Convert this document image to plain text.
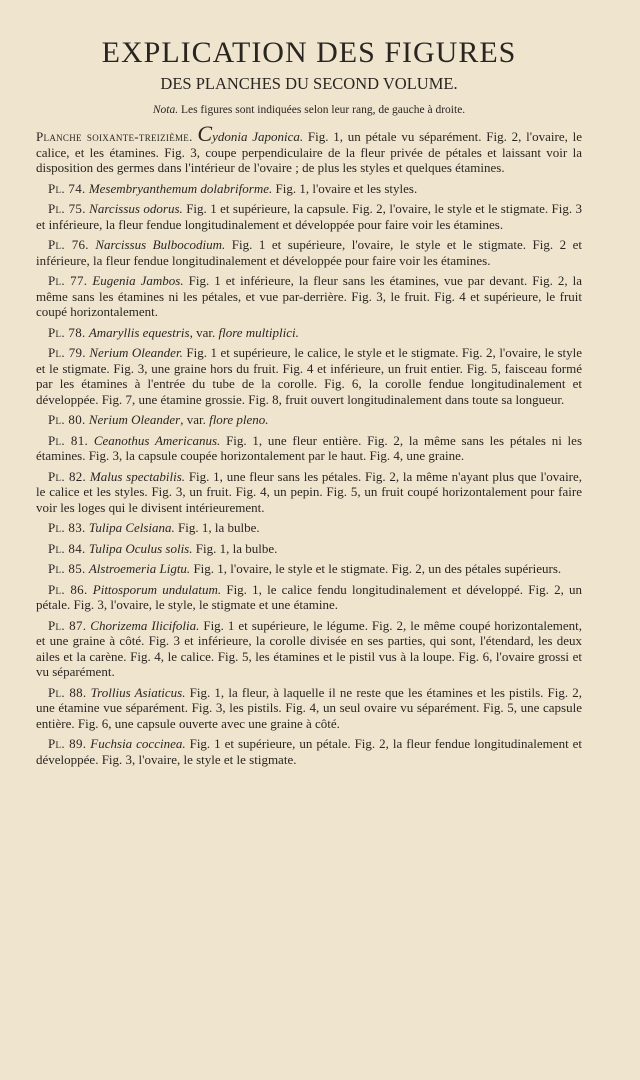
EXPLICATION DES FIGURES
DES PLANCHES DU SECOND VOLUME.

Nota. Les figures sont indiquées selon leur rang, de gauche à droite.

Planche soixante-treizième. Cydonia Japonica. Fig. 1, un pétale vu séparément. Fig. 2, l'ovaire, le calice, et les étamines. Fig. 3, coupe perpendiculaire de la fleur privée de pétales et laissant voir la disposition des germes dans l'intérieur de l'ovaire ; de plus les styles et quelques étamines.

Pl. 74. Mesembryanthemum dolabriforme. Fig. 1, l'ovaire et les styles.

Pl. 75. Narcissus odorus. Fig. 1 et supérieure, la capsule. Fig. 2, l'ovaire, le style et le stigmate. Fig. 3 et inférieure, la fleur fendue longitudinalement et développée pour faire voir les étamines.

Pl. 76. Narcissus Bulbocodium. Fig. 1 et supérieure, l'ovaire, le style et le stigmate. Fig. 2 et inférieure, la fleur fendue longitudinalement et développée pour faire voir les étamines.

Pl. 77. Eugenia Jambos. Fig. 1 et inférieure, la fleur sans les étamines, vue par devant. Fig. 2, la même sans les étamines ni les pétales, et vue par-derrière. Fig. 3, le fruit. Fig. 4 et supérieure, le fruit coupé horizontalement.

Pl. 78. Amaryllis equestris, var. flore multiplici.

Pl. 79. Nerium Oleander. Fig. 1 et supérieure, le calice, le style et le stigmate. Fig. 2, l'ovaire, le style et le stigmate. Fig. 3, une graine hors du fruit. Fig. 4 et inférieure, un fruit entier. Fig. 5, faisceau formé par les étamines à l'entrée du tube de la corolle. Fig. 6, la corolle fendue longitudinalement et développée. Fig. 7, une étamine grossie. Fig. 8, fruit ouvert longitudinalement dans toute sa longueur.

Pl. 80. Nerium Oleander, var. flore pleno.

Pl. 81. Ceanothus Americanus. Fig. 1, une fleur entière. Fig. 2, la même sans les pétales ni les étamines. Fig. 3, la capsule coupée horizontalement par le haut. Fig. 4, une graine.

Pl. 82. Malus spectabilis. Fig. 1, une fleur sans les pétales. Fig. 2, la même n'ayant plus que l'ovaire, le calice et les styles. Fig. 3, un fruit. Fig. 4, un pepin. Fig. 5, un fruit coupé horizontalement pour faire voir les loges qui le divisent intérieurement.

Pl. 83. Tulipa Celsiana. Fig. 1, la bulbe.

Pl. 84. Tulipa Oculus solis. Fig. 1, la bulbe.

Pl. 85. Alstroemeria Ligtu. Fig. 1, l'ovaire, le style et le stigmate. Fig. 2, un des pétales supérieurs.

Pl. 86. Pittosporum undulatum. Fig. 1, le calice fendu longitudinalement et développé. Fig. 2, un pétale. Fig. 3, l'ovaire, le style, le stigmate et une étamine.

Pl. 87. Chorizema Ilicifolia. Fig. 1 et supérieure, le légume. Fig. 2, le même coupé horizontalement, et une graine à côté. Fig. 3 et inférieure, la corolle divisée en ses parties, qui sont, l'étendard, les deux ailes et la carène. Fig. 4, le calice. Fig. 5, les étamines et le pistil vus à la loupe. Fig. 6, l'ovaire grossi et vu séparément.

Pl. 88. Trollius Asiaticus. Fig. 1, la fleur, à laquelle il ne reste que les étamines et les pistils. Fig. 2, une étamine vue séparément. Fig. 3, les pistils. Fig. 4, un seul ovaire vu séparément. Fig. 5, une capsule entière. Fig. 6, une capsule ouverte avec une graine à côté.

Pl. 89. Fuchsia coccinea. Fig. 1 et supérieure, un pétale. Fig. 2, la fleur fendue longitudinalement et développée. Fig. 3, l'ovaire, le style et le stigmate.
